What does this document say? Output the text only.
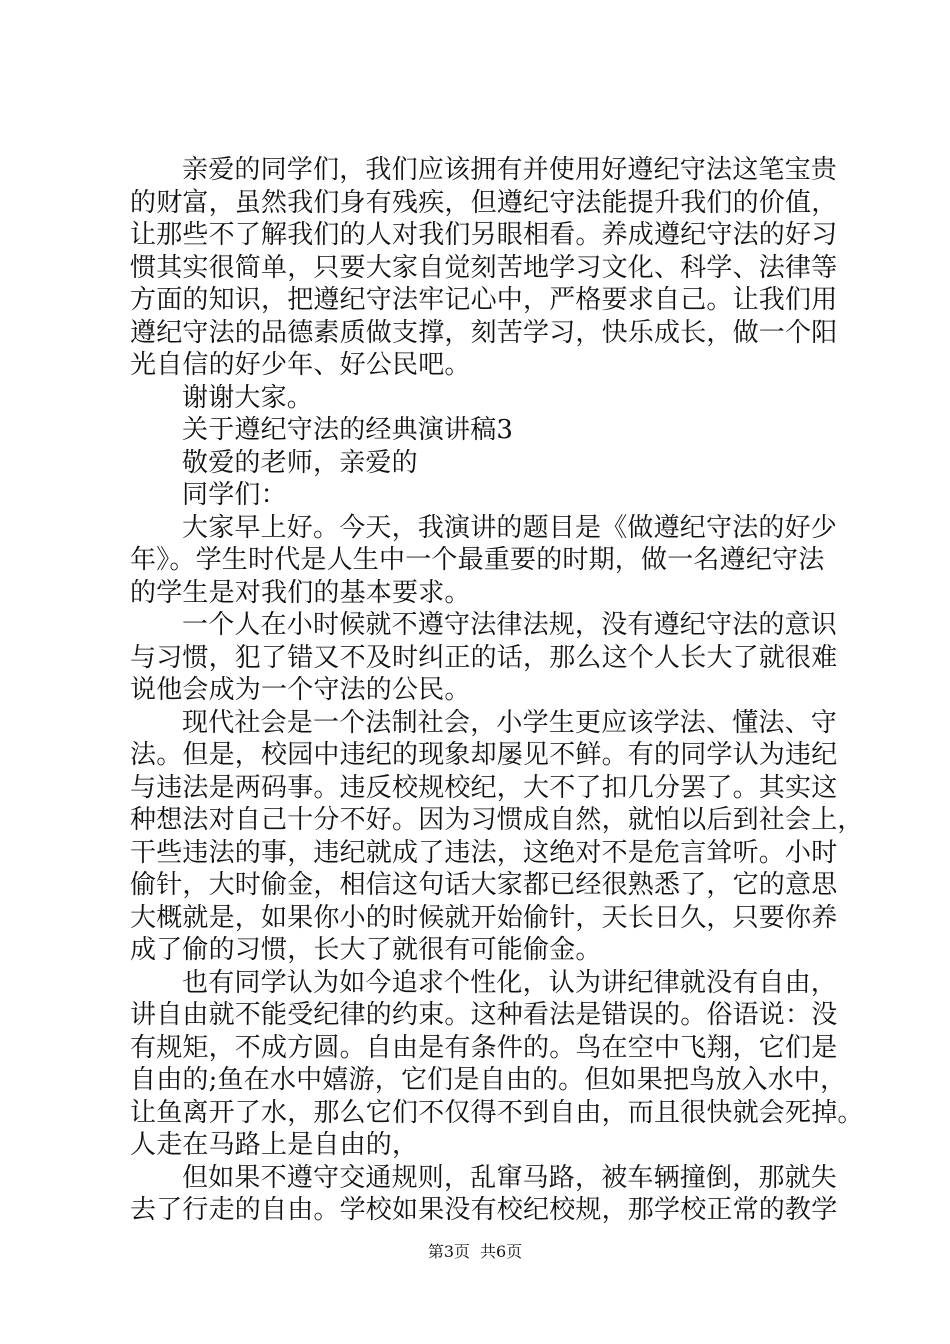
亲爱的同学们，我们应该拥有并使用好遵纪守法这笔宝贵
的财富，虽然我们身有残疾，但遵纪守法能提升我们的价值，
让那些不了解我们的人对我们另眼相看。养成遵纪守法的好习
惯其实很简单，只要大家自觉刻苦地学习文化、科学、法律等
方面的知识，把遵纪守法牢记心中，严格要求自己。让我们用
遵纪守法的品德素质做支撑，刻苦学习，快乐成长，做一个阳
光自信的好少年、好公民吧。
谢谢大家。
关于遵纪守法的经典演讲稿3
敬爱的老师，亲爱的
同学们：
大家早上好。今天，我演讲的题目是《做遵纪守法的好少
年》。学生时代是人生中一个最重要的时期，做一名遵纪守法
的学生是对我们的基本要求。
一个人在小时候就不遵守法律法规，没有遵纪守法的意识
与习惯，犯了错又不及时纠正的话，那么这个人长大了就很难
说他会成为一个守法的公民。
现代社会是一个法制社会，小学生更应该学法、懂法、守
法。但是，校园中违纪的现象却屡见不鲜。有的同学认为违纪
与违法是两码事。违反校规校纪，大不了扣几分罢了。其实这
种想法对自己十分不好。因为习惯成自然，就怕以后到社会上，
干些违法的事，违纪就成了违法，这绝对不是危言耸听。小时
偷针，大时偷金，相信这句话大家都已经很熟悉了，它的意思
大概就是，如果你小的时候就开始偷针，天长日久，只要你养
成了偷的习惯，长大了就很有可能偷金。
也有同学认为如今追求个性化，认为讲纪律就没有自由，
讲自由就不能受纪律的约束。这种看法是错误的。俗语说：没
有规矩，不成方圆。自由是有条件的。鸟在空中飞翔，它们是
自由的;鱼在水中嬉游，它们是自由的。但如果把鸟放入水中，
让鱼离开了水，那么它们不仅得不到自由，而且很快就会死掉。
人走在马路上是自由的，
但如果不遵守交通规则，乱窜马路，被车辆撞倒，那就失
去了行走的自由。学校如果没有校纪校规，那学校正常的教学
第3页 共6页
